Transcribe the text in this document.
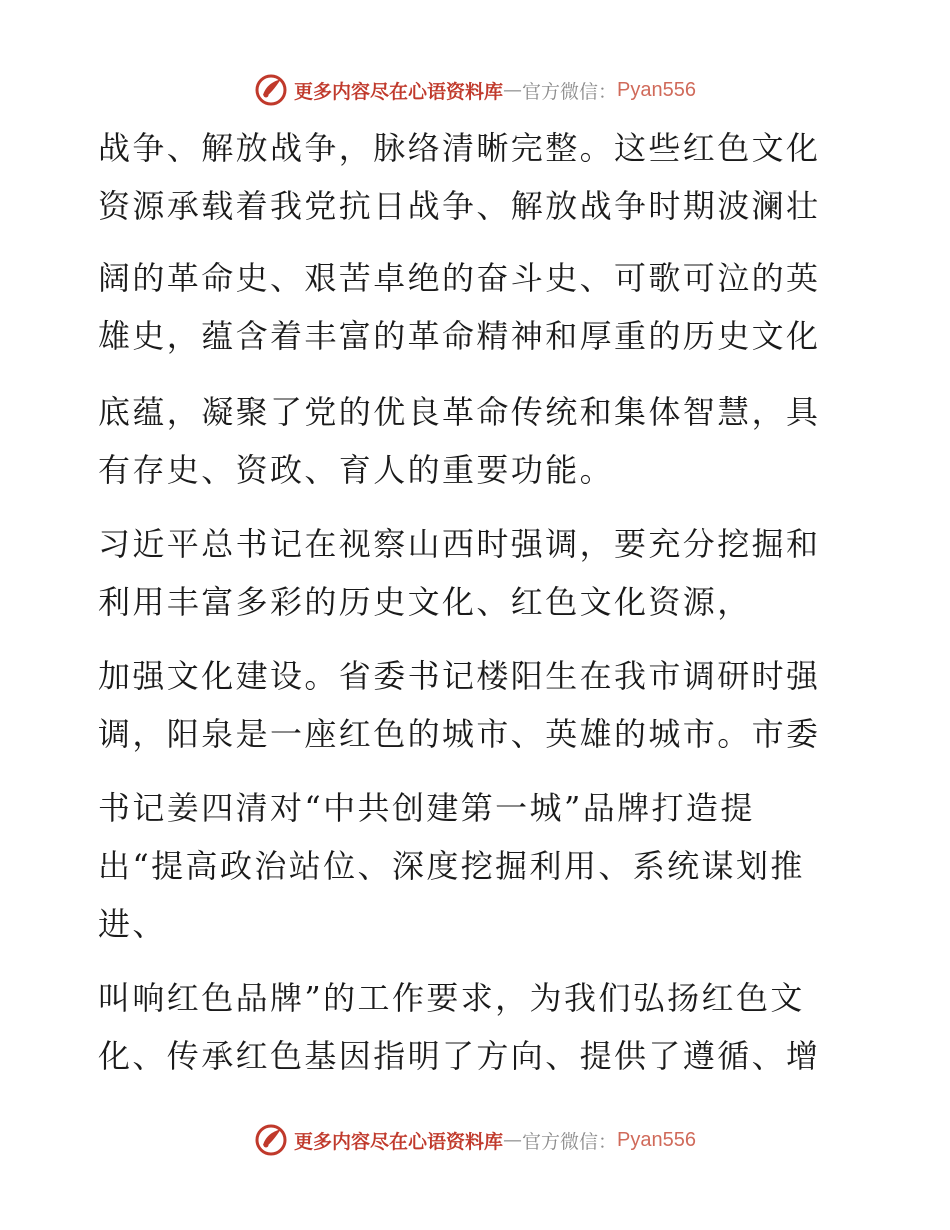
更多内容尽在心语资料库 — 官方微信 ： Pyan556
战争、解放战争，脉络清晰完整。这些红色文化
资源承载着我党抗日战争、解放战争时期波澜壮
阔的革命史、艰苦卓绝的奋斗史、可歌可泣的英
雄史，蕴含着丰富的革命精神和厚重的历史文化
底蕴，凝聚了党的优良革命传统和集体智慧，具
有存史、资政、育人的重要功能。
习近平总书记在视察山西时强调，要充分挖掘和
利用丰富多彩的历史文化、红色文化资源，
加强文化建设。省委书记楼阳生在我市调研时强
调，阳泉是一座红色的城市、英雄的城市。市委
书记姜四清对“中共创建第一城”品牌打造提
出“提高政治站位、深度挖掘利用、系统谋划推
进、
叫响红色品牌”的工作要求，为我们弘扬红色文
化、传承红色基因指明了方向、提供了遵循、增
更多内容尽在心语资料库 — 官方微信 ： Pyan556
